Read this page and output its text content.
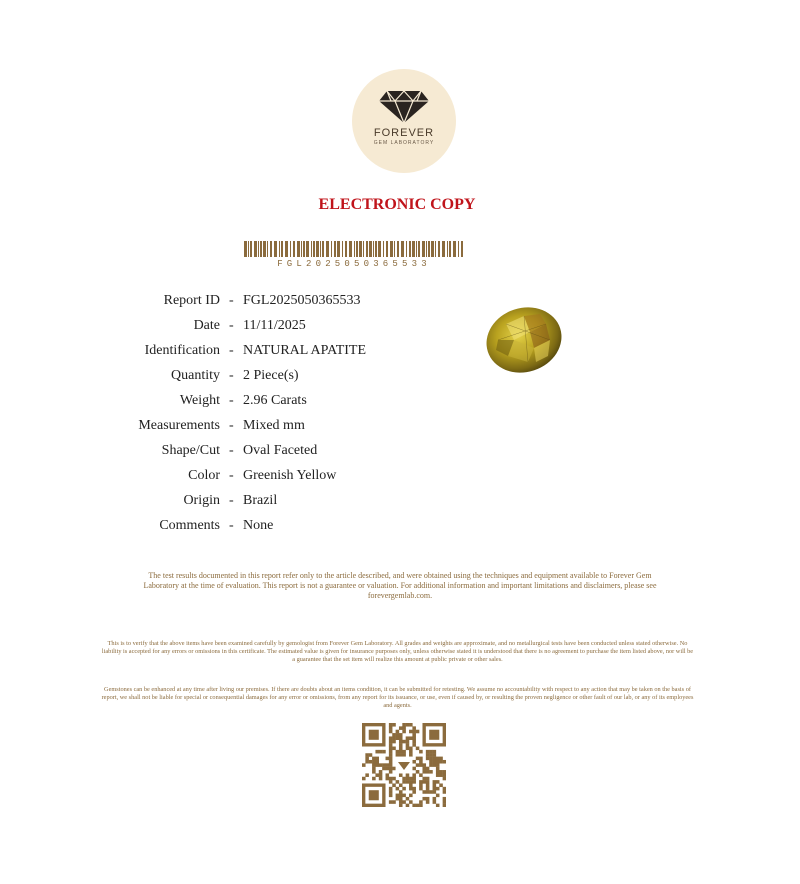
FOREVER
GEM LABORATORY
ELECTRONIC COPY
FGL2025050365533
Report ID - FGL2025050365533
Date - 11/11/2025
Identification - NATURAL APATITE
Quantity - 2 Piece(s)
Weight - 2.96 Carats
Measurements - Mixed mm
Shape/Cut - Oval Faceted
Color - Greenish Yellow
Origin - Brazil
Comments - None
The test results documented in this report refer only to the article described, and were obtained using the techniques and equipment available to Forever Gem Laboratory at the time of evaluation. This report is not a guarantee or valuation. For additional information and important limitations and disclaimers, please see forevergemlab.com.
This is to verify that the above items have been examined carefully by gemologist from Forever Gem Laboratory. All grades and weights are approximate, and no metallurgical tests have been conducted unless stated otherwise. No liability is accepted for any errors or omissions in this certificate. The estimated value is given for insurance purposes only, unless otherwise stated it is understood that there is no agreement to purchase the item listed above, nor will be a guarantee that the set item will realize this amount at public private or other sales.
Gemstones can be enhanced at any time after living our premises. If there are doubts about an items condition, it can be submitted for retesting. We assume no accountability with respect to any action that may be taken on the basis of report, we shall not be liable for special or consequential damages for any error or omissions, from any report for its issuance, or use, even if caused by, or resulting the proven negligence or other fault of our lab, or any of its employees and agents.
